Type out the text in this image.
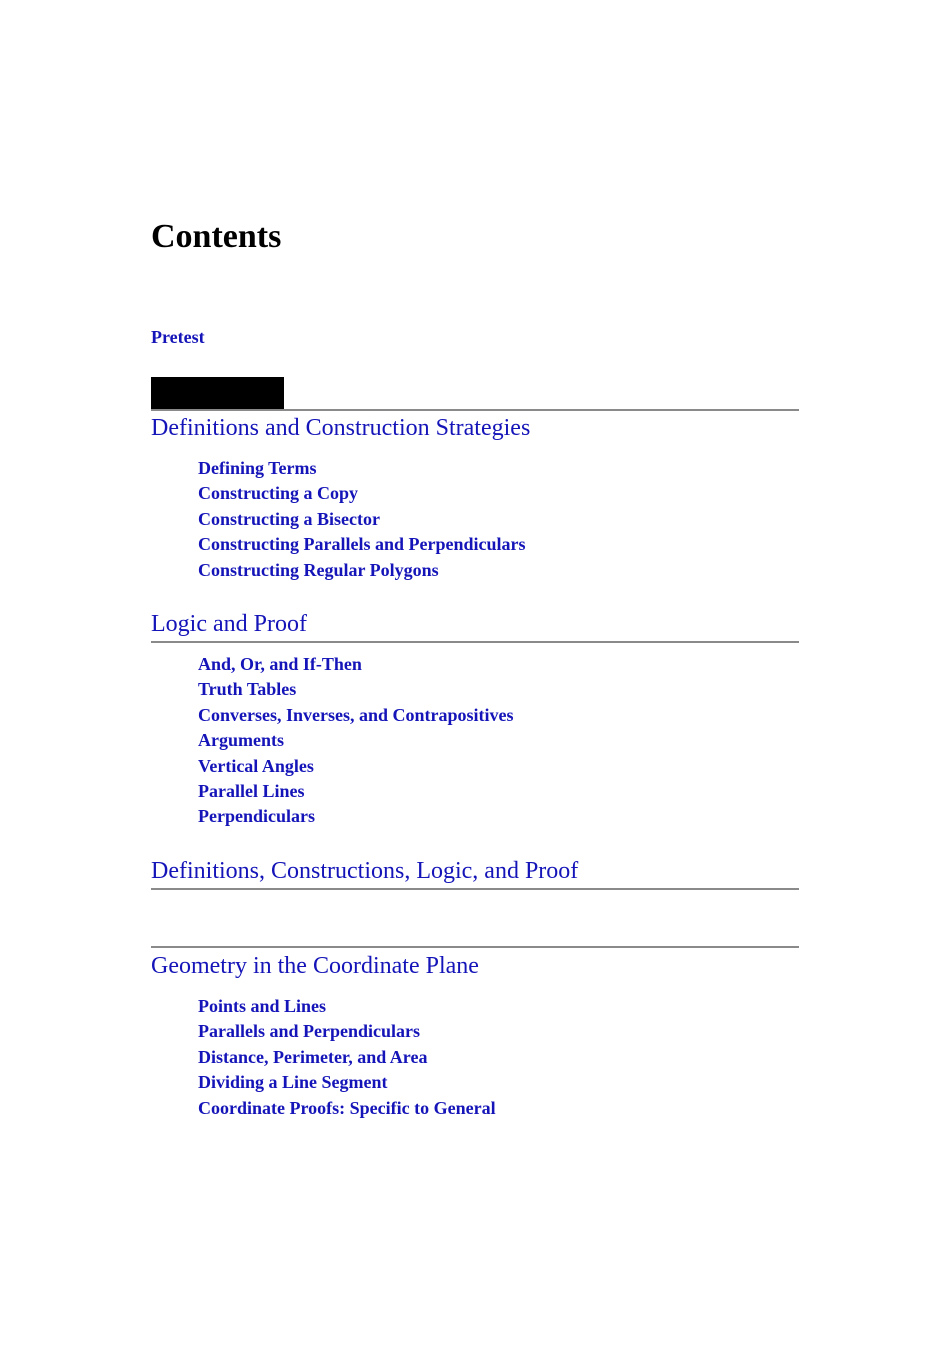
Contents
Pretest
Definitions and Construction Strategies
Defining Terms
Constructing a Copy
Constructing a Bisector
Constructing Parallels and Perpendiculars
Constructing Regular Polygons
Logic and Proof
And, Or, and If-Then
Truth Tables
Converses, Inverses, and Contrapositives
Arguments
Vertical Angles
Parallel Lines
Perpendiculars
Definitions, Constructions, Logic, and Proof
Geometry in the Coordinate Plane
Points and Lines
Parallels and Perpendiculars
Distance, Perimeter, and Area
Dividing a Line Segment
Coordinate Proofs: Specific to General
